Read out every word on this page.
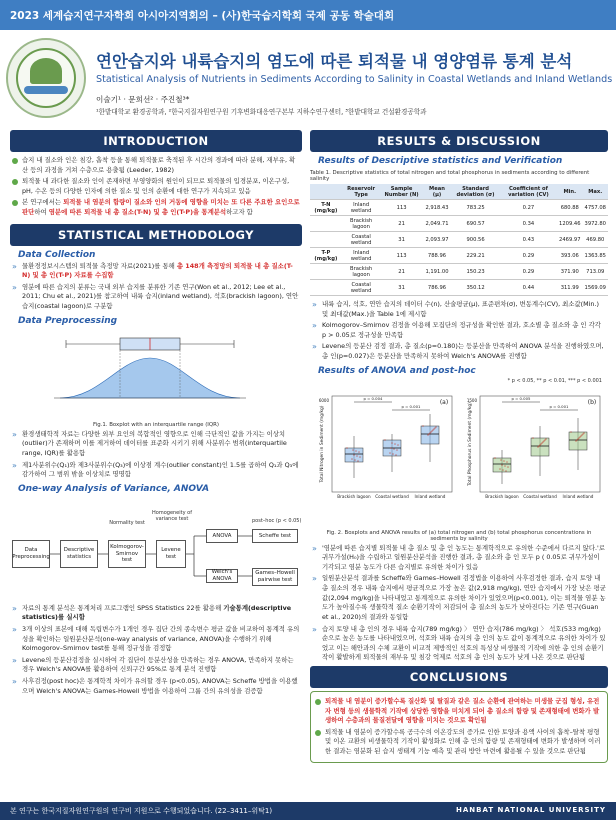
2023 세계습지연구자학회 아시아지역회의 – (사)한국습지학회 국제 공동 학술대회
연안습지와 내륙습지의 염도에 따른 퇴적물 내 영양염류 통계 분석
Statistical Analysis of Nutrients in Sediments According to Salinity in Coastal Wetlands and Inland Wetlands
이술기¹ · 문희선² · 주진철³*
¹한밭대학교 환경공학과, ²한국지질자원연구원 기후변화대응연구본부 지하수연구센터, ³한밭대학교 건설환경공학과
INTRODUCTION
습지 내 질소와 인은 침강, 흡착 등을 통해 퇴적물로 축적된 후 시간의 경과에 따라 분해, 재부유, 확산 등의 과정을 거쳐 수층으로 용출됨 (Leeder, 1982)
퇴적물 내 과다한 질소와 인이 존재하면 부영양화의 원인이 되므로 퇴적물의 입경분포, 이온구성, pH, 수온 등의 다양한 인자에 의한 질소 및 인의 순환에 대한 연구가 지속되고 있음
본 연구에서는 퇴적물 내 염분의 함량이 질소와 인의 거동에 영향을 미치는 또 다른 주요한 요인으로 판단하여 염분에 따른 퇴적물 내 총 질소(T-N) 및 총 인(T-P)을 통계분석하고자 함
STATISTICAL METHODOLOGY
Data Collection
» 물환경정보시스템의 퇴적물 측정망 자료(2021)를 통해 총 148개 측정망의 퇴적물 내 총 질소(T-N) 및 총 인(T-P) 자료를 수집함
» 염분에 따른 습지의 분류는 국내 외부 습지를 분류한 기존 연구(Won et al., 2012; Lee et al., 2011; Chu et al., 2021)를 참고하여 내륙 습지(inland wetland), 석호(brackish lagoon), 연안 습지(coastal lagoon)로 구분함
Data Preprocessing
Fig.1. Boxplot with an interquartile range (IQR)
» 환경생태학적 자료는 다양한 외부 요인의 복합적인 영향으로 인해 극단적인 값을 가지는 이상치(outlier)가 존재하며 이를 제거하여 데이터를 표준화 시키기 위해 사분위수 범위(interquartile range, IQR)를 활용함
» 제1사분위수(Q₁)와 제3사분위수(Q₃)에 이상점 계수(outlier constant)인 1.5를 곱하여 Q₁과 Q₃에 감가하여 그 범위 밖을 이상치로 명명함
One-way Analysis of Variance, ANOVA
Normality test
Homogeneity of variance test	post–hoc (p < 0.05)
Data Preprocessing
Descriptive statistics
Kolmogorov-Smirnov test
Levene test
ANOVA
Welch's ANOVA
Scheffe test
Games–Howell pairwise test
» 자료의 통계 분석은 통계처리 프로그램인 SPSS Statistics 22를 활용해 기술통계(descriptive statistics)를 실시함
» 3개 이상의 표본에 대해 독립변수가 1개인 경우 집단 간의 종속변수 평균 값을 비교하여 통계적 유의성을 확인하는 일원분산분석(one-way analysis of variance, ANOVA)을 수행하기 위해 Kolmogorov–Smirnov test를 통해 정규성을 검정함
» Levene의 등분산검정을 실시하여 각 집단이 등분산성을 만족하는 경우 ANOVA, 만족하지 못하는 경우 Welch's ANOVA를 활용하여 신뢰구간 95%로 통계 분석 진행함
» 사후검정(post hoc)은 통계학적 차이가 유의할 경우 (p<0.05), ANOVA는 Scheffe 방법을 이용했으며 Welch's ANOVA는 Games-Howell 방법을 이용하여 그룹 간의 유의성을 검증함
RESULTS & DISCUSSION
Results of Descriptive statistics and Verification
Table 1. Descriptive statistics of total nitrogen and total phosphorus in sediments according to different salinity
	Reservoir Type	Sample Number (N)	Mean (μ)	Standard deviation (σ)	Coefficient of variation (CV)	Min.	Max.
T-N (mg/kg)	Inland wetland	113	2,918.43	783.25	0.27	680.88	4757.08
	Brackish lagoon	21	2,049.71	690.57	0.34	1209.46	3972.80
	Coastal wetland	31	2,093.97	900.56	0.43	2469.97	469.80
T-P (mg/kg)	Inland wetland	113	788.96	229.21	0.29	393.06	1363.85
	Brackish lagoon	21	1,191.00	150.23	0.29	371.90	713.09
	Coastal wetland	31	786.96	350.12	0.44	311.99	1569.09
» 내륙 습지, 석호, 연안 습지의 데이터 수(n), 산술평균(μ), 표준편차(σ), 변동계수(CV), 최소값(Min.) 및 최대값(Max.)을 Table 1에 제시함
» Kolmogorov–Smirnov 검정을 이용해 모집단의 정규성을 확인한 결과, 호소별 총 질소와 총 인 각각 p > 0.05로 정규성을 만족함
» Levene의 등분산 검정 결과, 총 질소(p=0.180)는 등분산을 만족하여 ANOVA 분석을 진행하였으며, 총 인(p=0.027)은 등분산을 만족하지 못하여 Welch's ANOVA를 진행함
Results of ANOVA and post-hoc
* p < 0.05, ** p < 0.01, *** p < 0.001
Total Nitrogen in Sediment (mg/kg)
(a)
6000
Brackish lagoon Coastal wetland Inland wetland
p = 0.004
p = 0.001	Total Phosphorus in Sediment (mg/kg)	(b)
1500
Brackish lagoon Coastal wetland Inland wetland
p = 0.005
p = 0.001
Fig. 2. Boxplots and ANOVA results of (a) total nitrogen and (b) total phosphorus concentrations in sediments by salinity
» '염분에 따른 습지별 퇴적물 내 총 질소 및 총 인 농도는 통계학적으로 유의한 수준에서 다르지 않다.'로 귀무가설(H₀)을 수립하고 일원분산분석을 진행한 결과, 총 질소와 총 인 모두 p ( 0.05로 귀무가설이 기각되고 염분 농도가 다른 습지별로 유의한 차이가 있음
» 일원분산분석 결과를 Scheffe와 Games–Howell 검정법을 이용하여 사후검정한 결과, 습지 토양 내 총 질소의 경우 내륙 습지에서 평균적으로 가장 높은 값(2,918 mg/kg), 연안 습지에서 가장 낮은 평균 값(2,094 mg/kg)을 나타내었고 통계적으로 유의한 차이가 있었으며(p<0.001), 이는 퇴적물 염분 농도가 높아질수록 생물학적 질소 순환기작이 저감되어 총 질소의 농도가 낮아진다는 기존 연구(Guan et al., 2020)의 결과와 동일함
» 습지 토양 내 총 인의 경우 내륙 습지(789 mg/kg) 〉 연안 습지(786 mg/kg) 〉 석호(533 mg/kg) 순으로 높은 농도를 나타내었으며, 석호와 내륙 습지의 총 인의 농도 값이 통계적으로 유의한 차이가 있었고 이는 해안과의 수체 교환이 비교적 제방적인 석호의 특성상 비생물적 기작에 의한 총 인의 순환기작이 활발하게 퇴적물의 재부유 및 침강 억제로 석호의 총 인의 농도가 낮게 나온 것으로 판단됨
CONCLUSIONS
퇴적물 내 염분이 증가할수록 질산화 및 탈질과 같은 질소 순환에 관여하는 미생물 군집 형성, 유전자 변형 등의 생물학적 기작에 상당한 영향을 미치게 되어 총 질소의 함량 및 존재형태에 변화가 발생하여 수층과의 물질전달에 영향을 미치는 것으로 확인됨
퇴적물 내 염분이 증가할수록 공극수의 이온강도의 증가로 인한 토양과 용액 사이의 흡착–탈착 평형 및 이온 교환의 비생물학적 기작이 활성화로 인해 총 인의 함량 및 존재형태에 변화가 발생하며 이러한 결과는 염분화 된 습지 생태계 기능 예측 및 관리 방안 마련에 활용될 수 있을 것으로 판단됨
본 연구는 한국지질자원연구원의 연구비 지원으로 수행되었습니다. (22–3411–위탁1)	HANBAT NATIONAL UNIVERSITY
